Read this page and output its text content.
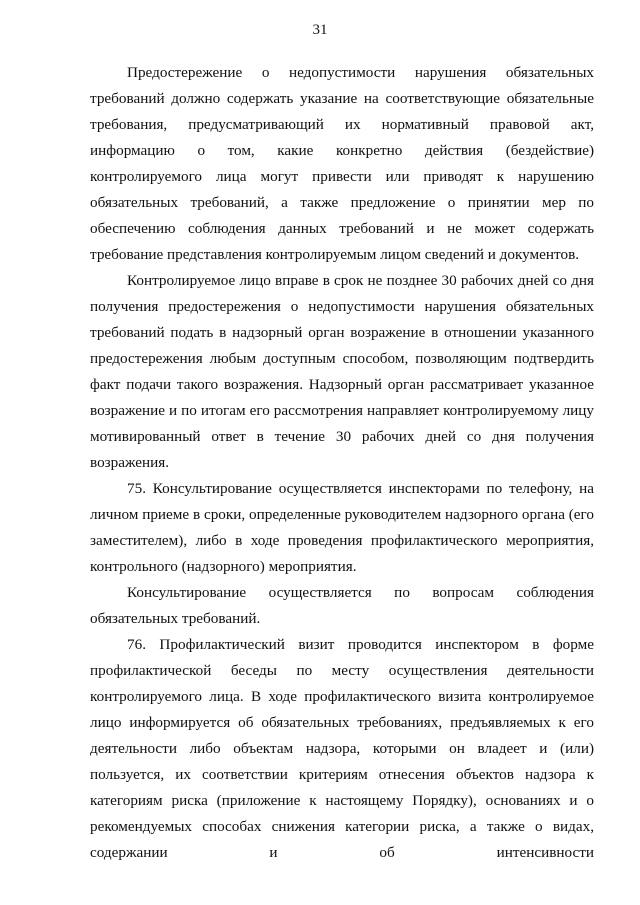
31

Предостережение о недопустимости нарушения обязательных требований должно содержать указание на соответствующие обязательные требования, предусматривающий их нормативный правовой акт, информацию о том, какие конкретно действия (бездействие) контролируемого лица могут привести или приводят к нарушению обязательных требований, а также предложение о принятии мер по обеспечению соблюдения данных требований и не может содержать требование представления контролируемым лицом сведений и документов.

Контролируемое лицо вправе в срок не позднее 30 рабочих дней со дня получения предостережения о недопустимости нарушения обязательных требований подать в надзорный орган возражение в отношении указанного предостережения любым доступным способом, позволяющим подтвердить факт подачи такого возражения. Надзорный орган рассматривает указанное возражение и по итогам его рассмотрения направляет контролируемому лицу мотивированный ответ в течение 30 рабочих дней со дня получения возражения.

75. Консультирование осуществляется инспекторами по телефону, на личном приеме в сроки, определенные руководителем надзорного органа (его заместителем), либо в ходе проведения профилактического мероприятия, контрольного (надзорного) мероприятия.

Консультирование осуществляется по вопросам соблюдения обязательных требований.

76. Профилактический визит проводится инспектором в форме профилактической беседы по месту осуществления деятельности контролируемого лица. В ходе профилактического визита контролируемое лицо информируется об обязательных требованиях, предъявляемых к его деятельности либо объектам надзора, которыми он владеет и (или) пользуется, их соответствии критериям отнесения объектов надзора к категориям риска (приложение к настоящему Порядку), основаниях и о рекомендуемых способах снижения категории риска, а также о видах, содержании и об интенсивности
